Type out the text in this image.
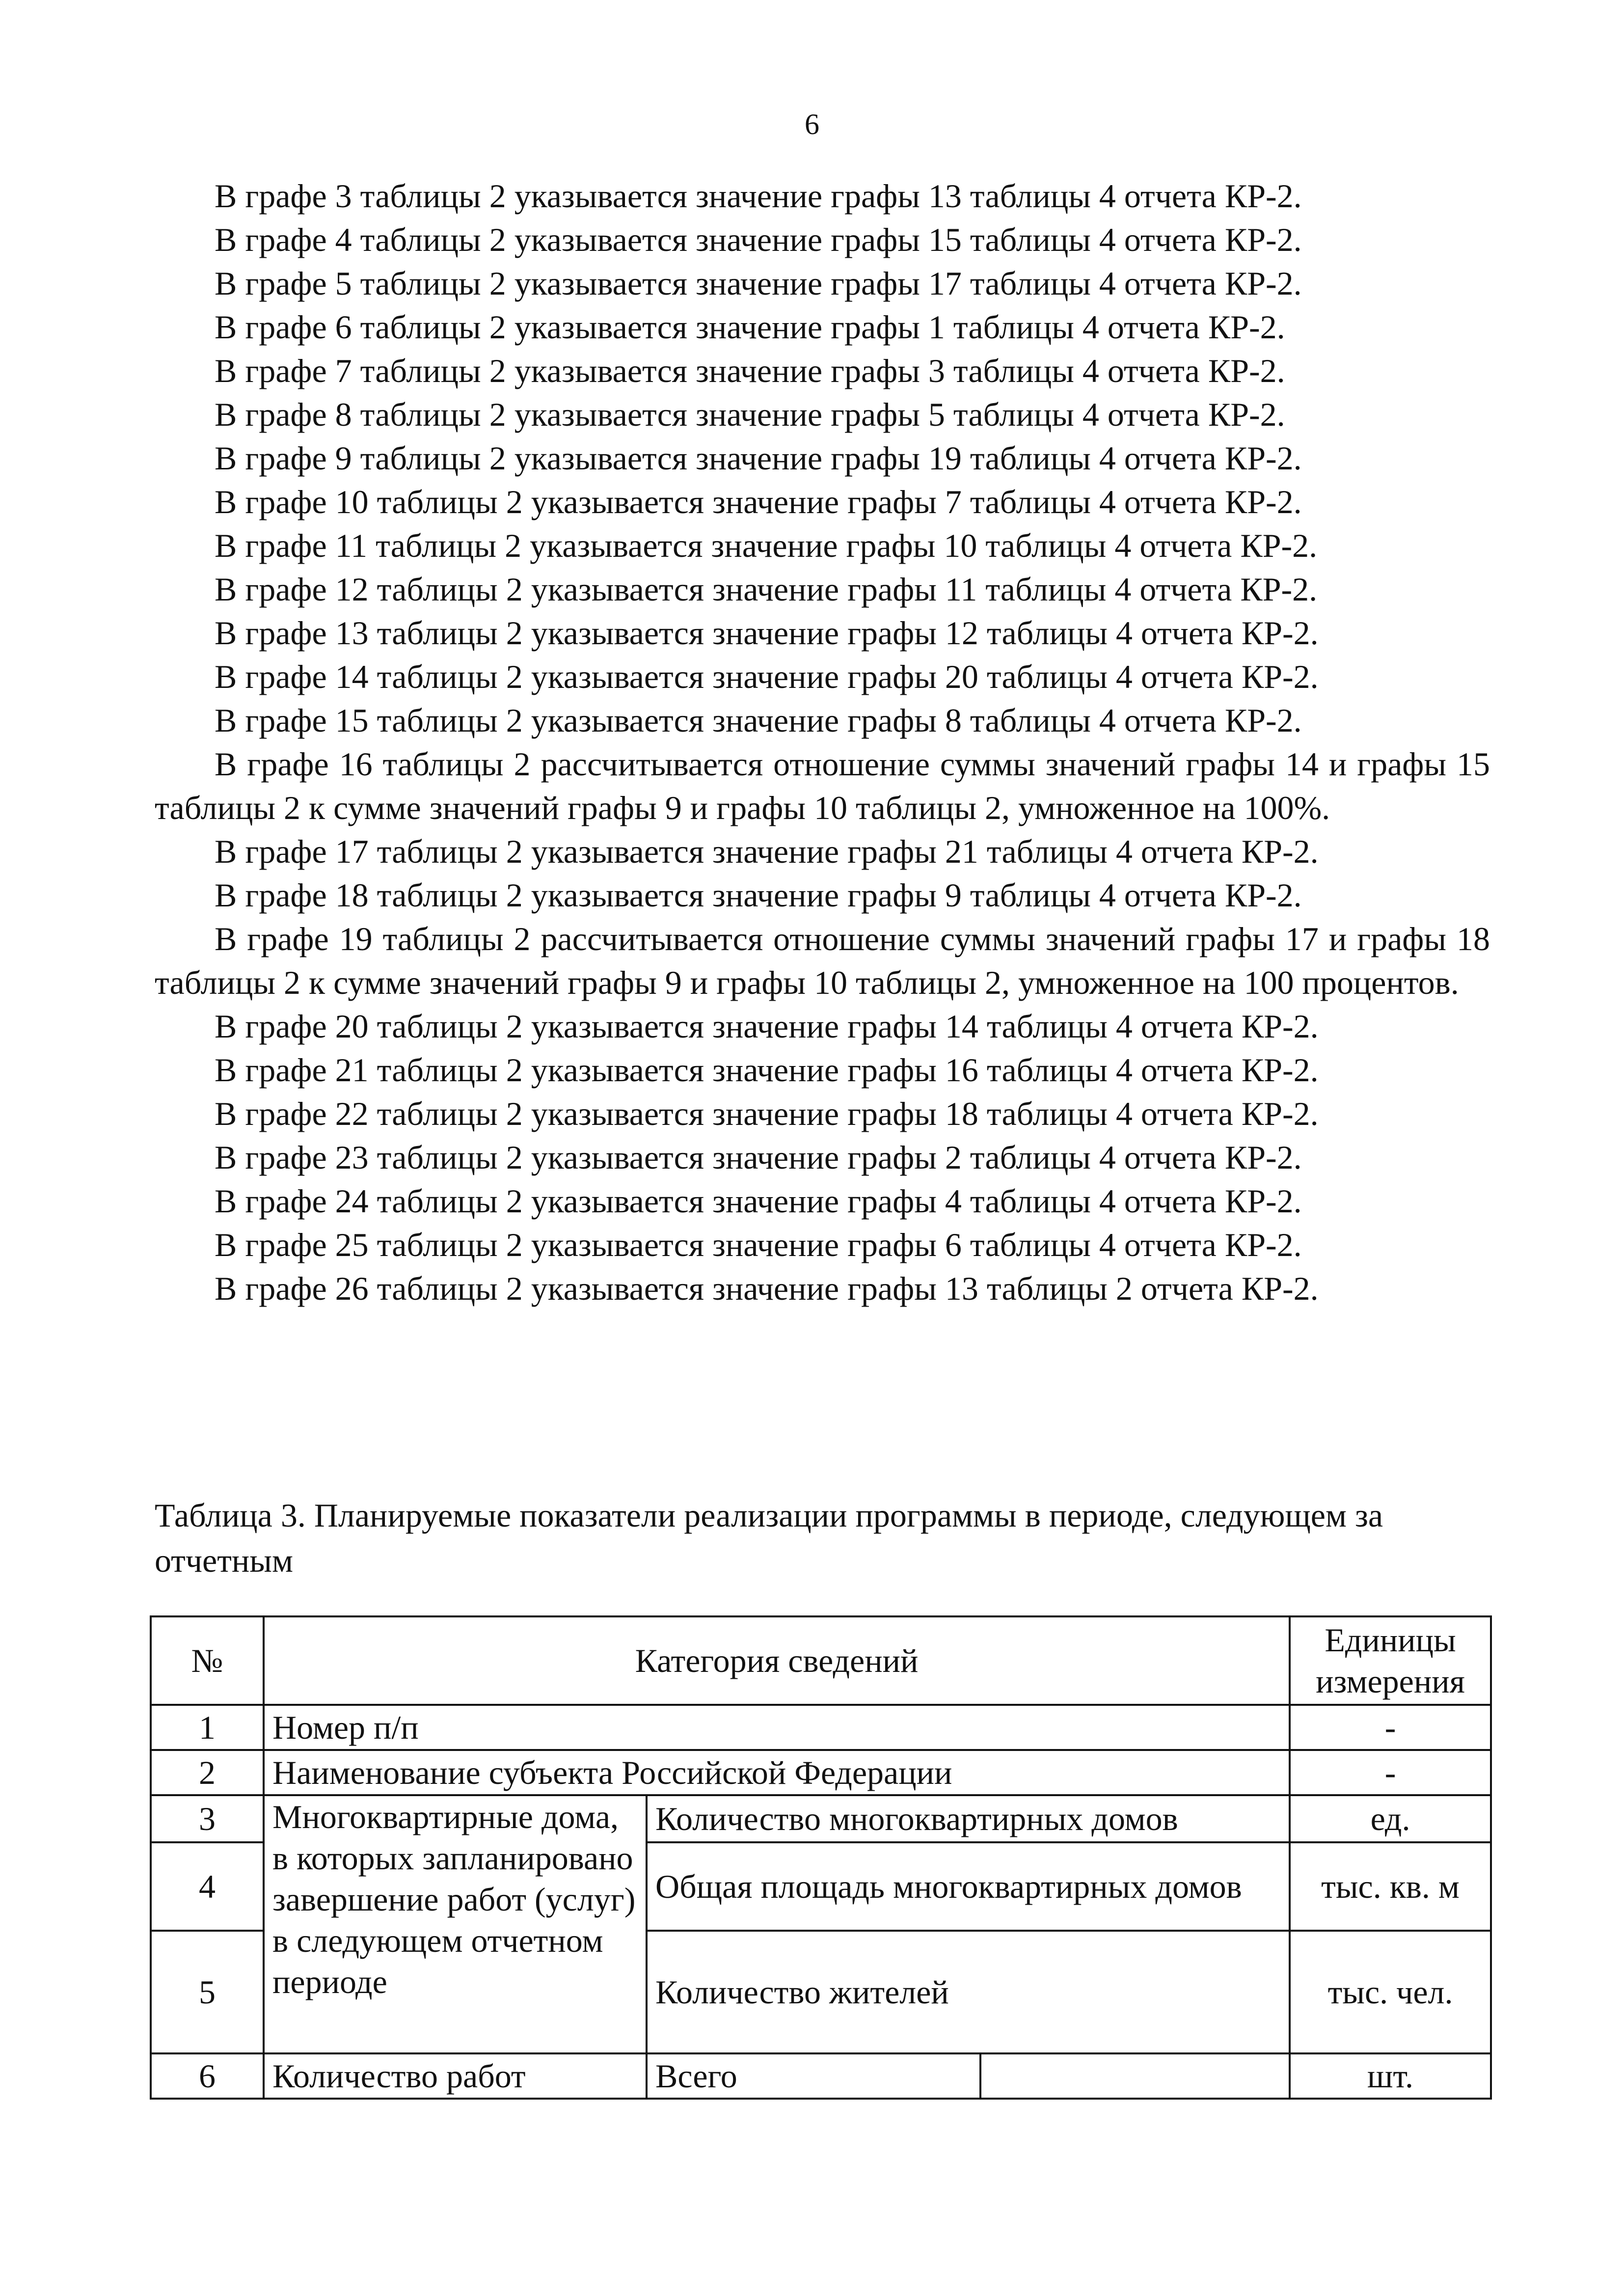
6

В графе 3 таблицы 2 указывается значение графы 13 таблицы 4 отчета КР-2.

В графе 4 таблицы 2 указывается значение графы 15 таблицы 4 отчета КР-2.

В графе 5 таблицы 2 указывается значение графы 17 таблицы 4 отчета КР-2.

В графе 6 таблицы 2 указывается значение графы 1 таблицы 4 отчета КР-2.

В графе 7 таблицы 2 указывается значение графы 3 таблицы 4 отчета КР-2.

В графе 8 таблицы 2 указывается значение графы 5 таблицы 4 отчета КР-2.

В графе 9 таблицы 2 указывается значение графы 19 таблицы 4 отчета КР-2.

В графе 10 таблицы 2 указывается значение графы 7 таблицы 4 отчета КР-2.

В графе 11 таблицы 2 указывается значение графы 10 таблицы 4 отчета КР-2.

В графе 12 таблицы 2 указывается значение графы 11 таблицы 4 отчета КР-2.

В графе 13 таблицы 2 указывается значение графы 12 таблицы 4 отчета КР-2.

В графе 14 таблицы 2 указывается значение графы 20 таблицы 4 отчета КР-2.

В графе 15 таблицы 2 указывается значение графы 8 таблицы 4 отчета КР-2.

В графе 16 таблицы 2 рассчитывается отношение суммы значений графы 14 и графы 15 таблицы 2 к сумме значений графы 9 и графы 10 таблицы 2, умноженное на 100%.

В графе 17 таблицы 2 указывается значение графы 21 таблицы 4 отчета КР-2.

В графе 18 таблицы 2 указывается значение графы 9 таблицы 4 отчета КР-2.

В графе 19 таблицы 2 рассчитывается отношение суммы значений графы 17 и графы 18 таблицы 2 к сумме значений графы 9 и графы 10 таблицы 2, умноженное на 100 процентов.

В графе 20 таблицы 2 указывается значение графы 14 таблицы 4 отчета КР-2.

В графе 21 таблицы 2 указывается значение графы 16 таблицы 4 отчета КР-2.

В графе 22 таблицы 2 указывается значение графы 18 таблицы 4 отчета КР-2.

В графе 23 таблицы 2 указывается значение графы 2 таблицы 4 отчета КР-2.

В графе 24 таблицы 2 указывается значение графы 4 таблицы 4 отчета КР-2.

В графе 25 таблицы 2 указывается значение графы 6 таблицы 4 отчета КР-2.

В графе 26 таблицы 2 указывается значение графы 13 таблицы 2 отчета КР-2.

Таблица 3. Планируемые показатели реализации программы в периоде, следующем за отчетным
№	Категория сведений			Единицы измерения
1	Номер п/п			-
2	Наименование субъекта Российской Федерации			-
3	Многоквартирные дома, в которых запланировано завершение работ (услуг) в следующем отчетном периоде	Количество многоквартирных домов		ед.
4		Общая площадь многоквартирных домов		тыс. кв. м
5		Количество жителей		тыс. чел.
6	Количество работ	Всего		шт.
